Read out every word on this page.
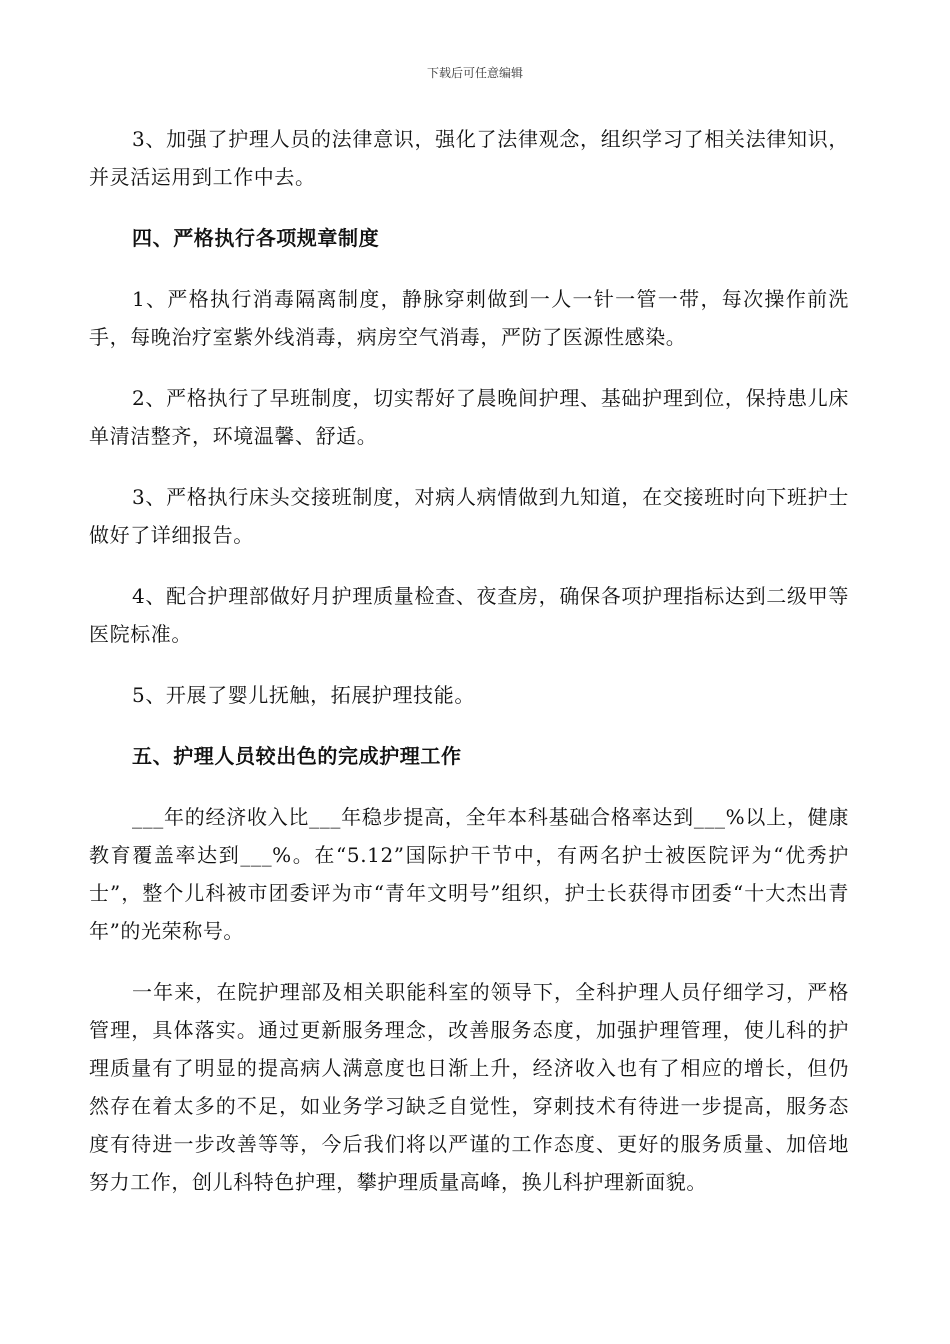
下载后可任意编辑

3、加强了护理人员的法律意识，强化了法律观念，组织学习了相关法律知识，并灵活运用到工作中去。

四、严格执行各项规章制度

1、严格执行消毒隔离制度，静脉穿刺做到一人一针一管一带，每次操作前洗手，每晚治疗室紫外线消毒，病房空气消毒，严防了医源性感染。

2、严格执行了早班制度，切实帮好了晨晚间护理、基础护理到位，保持患儿床单清洁整齐，环境温馨、舒适。

3、严格执行床头交接班制度，对病人病情做到九知道，在交接班时向下班护士做好了详细报告。

4、配合护理部做好月护理质量检查、夜查房，确保各项护理指标达到二级甲等医院标准。

5、开展了婴儿抚触，拓展护理技能。

五、护理人员较出色的完成护理工作

___年的经济收入比___年稳步提高，全年本科基础合格率达到___%以上，健康教育覆盖率达到___%。在“5.12”国际护干节中，有两名护士被医院评为“优秀护士”，整个儿科被市团委评为市“青年文明号”组织，护士长获得市团委“十大杰出青年”的光荣称号。

一年来，在院护理部及相关职能科室的领导下，全科护理人员仔细学习，严格管理，具体落实。通过更新服务理念，改善服务态度，加强护理管理，使儿科的护理质量有了明显的提高病人满意度也日渐上升，经济收入也有了相应的增长，但仍然存在着太多的不足，如业务学习缺乏自觉性，穿刺技术有待进一步提高，服务态度有待进一步改善等等，今后我们将以严谨的工作态度、更好的服务质量、加倍地努力工作，创儿科特色护理，攀护理质量高峰，换儿科护理新面貌。
